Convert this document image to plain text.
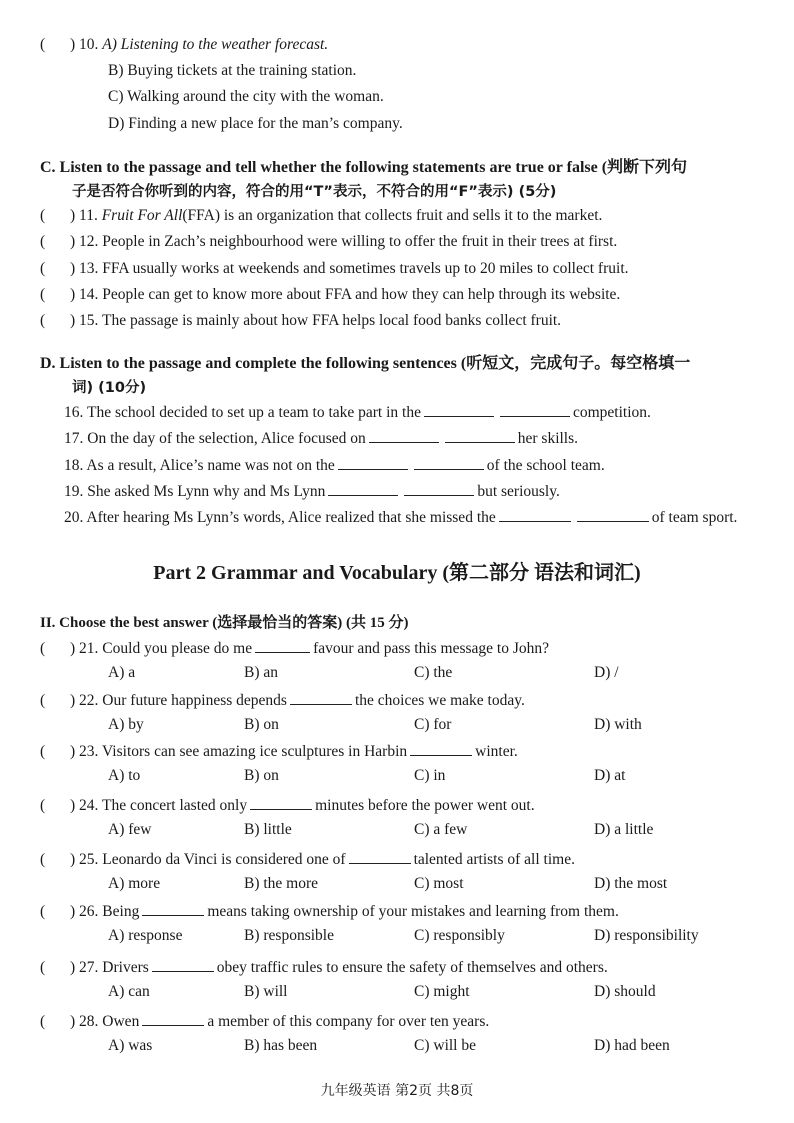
( ) 10. A) Listening to the weather forecast.
B) Buying tickets at the training station.
C) Walking around the city with the woman.
D) Finding a new place for the man’s company.
C. Listen to the passage and tell whether the following statements are true or false (判断下列句
子是否符合你听到的内容，符合的用“T”表示，不符合的用“F”表示) (5分)
( ) 11. Fruit For All(FFA) is an organization that collects fruit and sells it to the market.
( ) 12. People in Zach’s neighbourhood were willing to offer the fruit in their trees at first.
( ) 13. FFA usually works at weekends and sometimes travels up to 20 miles to collect fruit.
( ) 14. People can get to know more about FFA and how they can help through its website.
( ) 15. The passage is mainly about how FFA helps local food banks collect fruit.
D. Listen to the passage and complete the following sentences (听短文，完成句子。每空格填一
词) (10分)
16. The school decided to set up a team to take part in the	competition.
17. On the day of the selection, Alice focused on	her skills.
18. As a result, Alice’s name was not on the	of the school team.
19. She asked Ms Lynn why and Ms Lynn	but seriously.
20. After hearing Ms Lynn’s words, Alice realized that she missed the	of team sport.
Part 2 Grammar and Vocabulary (第二部分 语法和词汇)
II. Choose the best answer (选择最恰当的答案) (共 15 分)
( ) 21. Could you please do me	favour and pass this message to John?
A) a	B) an	C) the	D) /
( ) 22. Our future happiness depends	the choices we make today.
A) by	B) on	C) for	D) with
( ) 23. Visitors can see amazing ice sculptures in Harbin	winter.
A) to	B) on	C) in	D) at
( ) 24. The concert lasted only	minutes before the power went out.
A) few	B) little	C) a few	D) a little
( ) 25. Leonardo da Vinci is considered one of	talented artists of all time.
A) more	B) the more	C) most	D) the most
( ) 26. Being	means taking ownership of your mistakes and learning from them.
A) response	B) responsible	C) responsibly	D) responsibility
( ) 27. Drivers	obey traffic rules to ensure the safety of themselves and others.
A) can	B) will	C) might	D) should
( ) 28. Owen	a member of this company for over ten years.
A) was	B) has been	C) will be	D) had been
九年级英语 第2页 共8页
